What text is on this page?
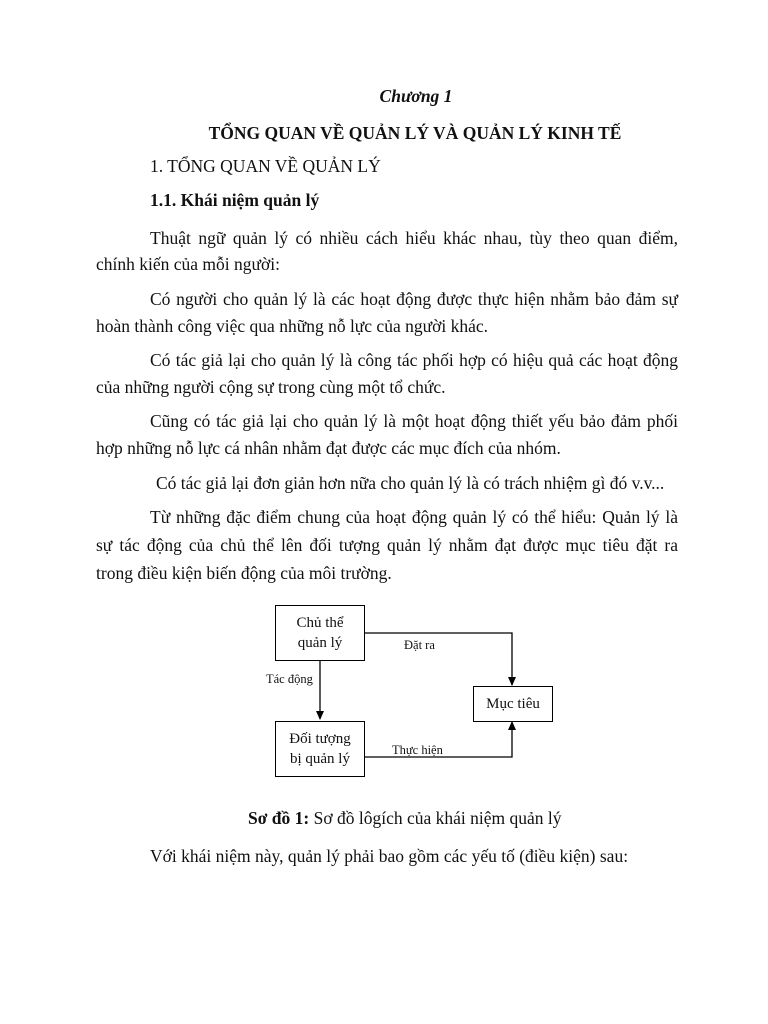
Chương 1

TỔNG QUAN VỀ QUẢN LÝ VÀ QUẢN LÝ KINH TẾ

1. TỔNG QUAN VỀ QUẢN LÝ

1.1. Khái niệm quản lý

Thuật ngữ quản lý có nhiều cách hiểu khác nhau, tùy theo quan điểm,

chính kiến của mỗi người:

Có người cho quản lý là các hoạt động được thực hiện nhằm bảo đảm sự

hoàn thành công việc qua những nỗ lực của người khác.

Có tác giả lại cho quản lý là công tác phối hợp có hiệu quả các hoạt động

của những người cộng sự trong cùng một tổ chức.

Cũng có tác giả lại cho quản lý là một hoạt động thiết yếu bảo đảm phối

hợp những nỗ lực cá nhân nhằm đạt được các mục đích của nhóm.

Có tác giả lại đơn giản hơn nữa cho quản lý là có trách nhiệm gì đó v.v...

Từ những đặc điểm chung của hoạt động quản lý có thể hiểu: Quản lý là

sự tác động của chủ thể lên đối tượng quản lý nhằm đạt được mục tiêu đặt ra

trong điều kiện biến động của môi trường.

Chủ thể
quản lý
Đối tượng
bị quản lý
Mục tiêu
Đặt ra
Tác động
Thực hiện

Sơ đồ 1: Sơ đồ lôgích của khái niệm quản lý

Với khái niệm này, quản lý phải bao gồm các yếu tố (điều kiện) sau:
